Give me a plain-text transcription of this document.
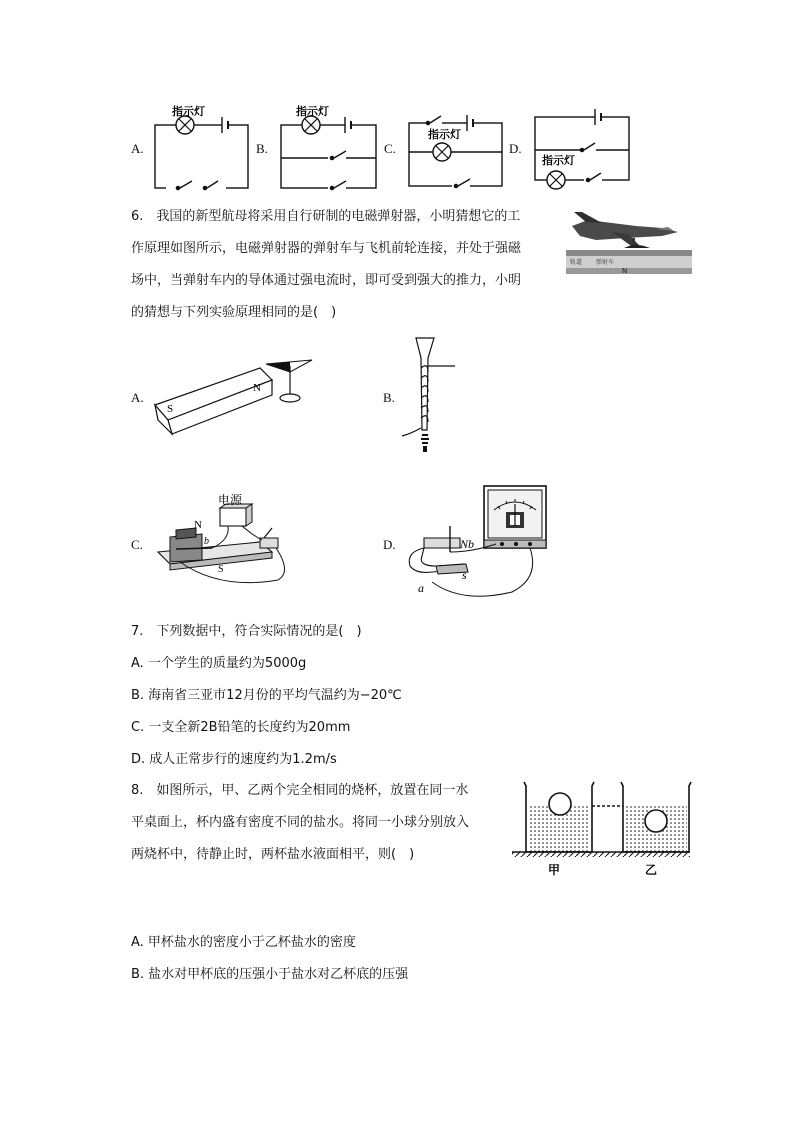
A.	B.	C.	D.
指示灯	指示灯
指示灯
指示灯
6.　我国的新型航母将采用自行研制的电磁弹射器，小明猜想它的工
作原理如图所示，电磁弹射器的弹射车与飞机前轮连接，并处于强磁
场中，当弹射车内的导体通过强电流时，即可受到强大的推力，小明
的猜想与下列实验原理相同的是(　)
轨道 弹射车
N
A.	B.
C.	D.
S
N
电源
N
b
S
Nb
a
s
7.　下列数据中，符合实际情况的是(　)
A. 一个学生的质量约为5000g
B. 海南省三亚市12月份的平均气温约为−20℃
C. 一支全新2B铅笔的长度约为20mm
D. 成人正常步行的速度约为1.2m/s
8.　如图所示，甲、乙两个完全相同的烧杯，放置在同一水
平桌面上，杯内盛有密度不同的盐水。将同一小球分别放入
两烧杯中，待静止时，两杯盐水液面相平，则(　)
甲	乙
A. 甲杯盐水的密度小于乙杯盐水的密度
B. 盐水对甲杯底的压强小于盐水对乙杯底的压强
